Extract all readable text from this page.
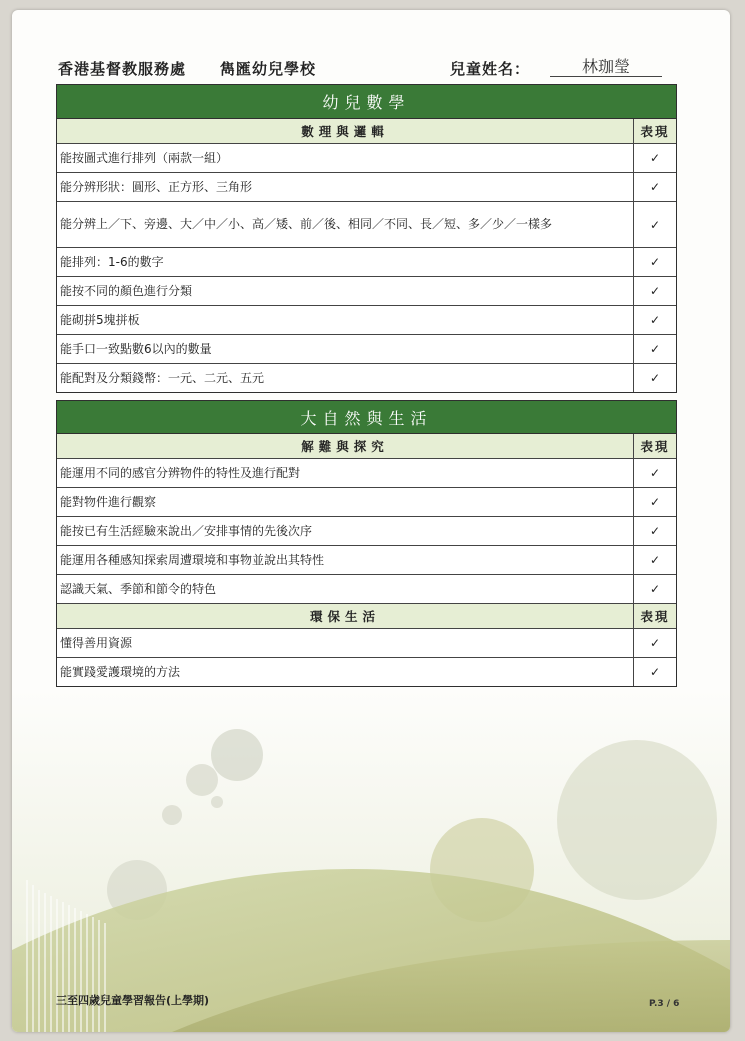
香港基督教服務處 雋匯幼兒學校	兒童姓名：	林珈瑩
幼兒數學
數理與邏輯	表現
能按圖式進行排列（兩款一組）	✓
能分辨形狀：圓形、正方形、三角形	✓
能分辨上／下、旁邊、大／中／小、高／矮、前／後、相同／不同、長／短、多／少／一樣多	✓
能排列：1-6的數字	✓
能按不同的顏色進行分類	✓
能砌拼5塊拼板	✓
能手口一致點數6以內的數量	✓
能配對及分類錢幣：一元、二元、五元	✓
大自然與生活
解難與探究	表現
能運用不同的感官分辨物件的特性及進行配對	✓
能對物件進行觀察	✓
能按已有生活經驗來說出／安排事情的先後次序	✓
能運用各種感知探索周遭環境和事物並說出其特性	✓
認識天氣、季節和節令的特色	✓
環保生活	表現
懂得善用資源	✓
能實踐愛護環境的方法	✓
三至四歲兒童學習報告(上學期)	P.3 / 6
